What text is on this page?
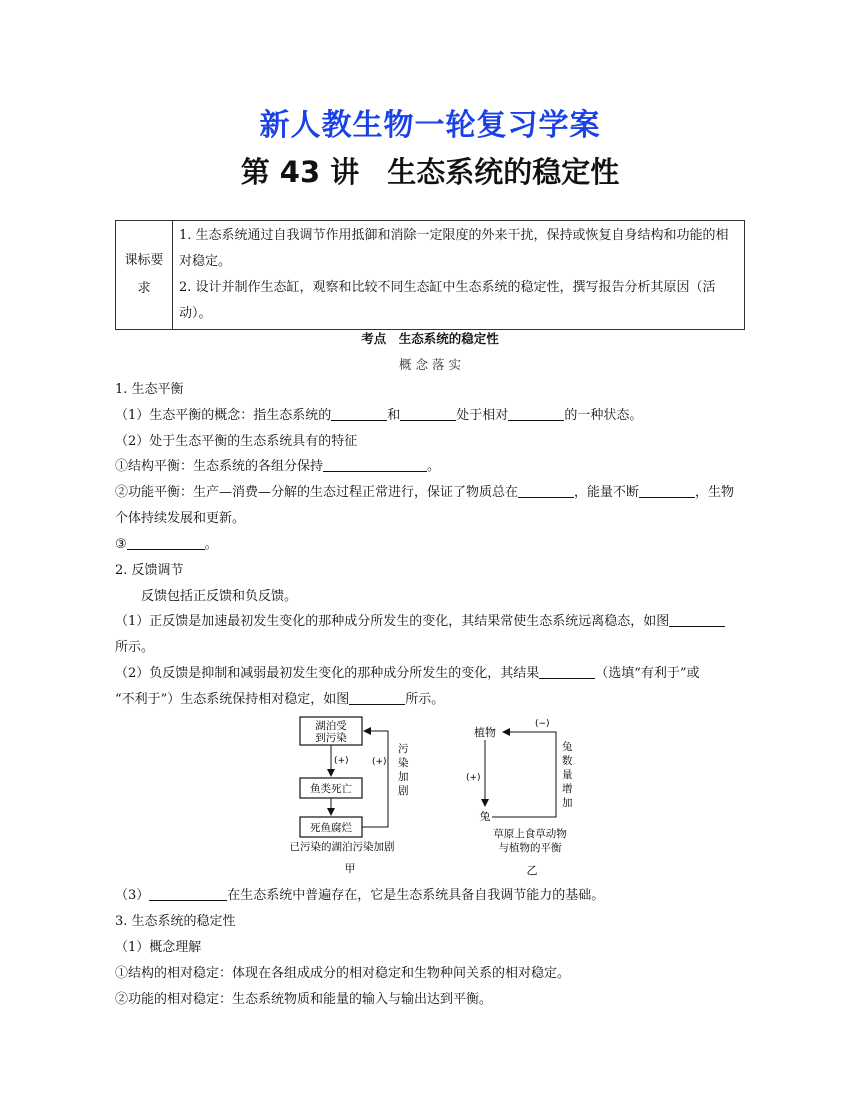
新人教生物一轮复习学案
第 43 讲 生态系统的稳定性
课标要求	
1. 生态系统通过自我调节作用抵御和消除一定限度的外来干扰，保持或恢复自身结构和功能的相对稳定。
2. 设计并制作生态缸，观察和比较不同生态缸中生态系统的稳定性，撰写报告分析其原因（活动）。
考点　生态系统的稳定性
概 念 落 实
1. 生态平衡
（1）生态平衡的概念：指生态系统的	和	处于相对	的一种状态。
（2）处于生态平衡的生态系统具有的特征
①结构平衡：生态系统的各组分保持	。
②功能平衡：生产—消费—分解的生态过程正常进行，保证了物质总在	，能量不断	，生物
个体持续发展和更新。
③	。
2. 反馈调节
反馈包括正反馈和负反馈。
（1）正反馈是加速最初发生变化的那种成分所发生的变化，其结果常使生态系统远离稳态，如图
所示。
（2）负反馈是抑制和减弱最初发生变化的那种成分所发生的变化，其结果	（选填“有利于”或
“不利于”）生态系统保持相对稳定，如图	所示。
湖泊受
到污染
(+)
鱼类死亡
死鱼腐烂
(+)
污
染
加
剧
已污染的湖泊污染加剧
甲
植物
兔
(+)
(−)
兔
数
量
增
加
草原上食草动物
与植物的平衡
乙
（3）	在生态系统中普遍存在，它是生态系统具备自我调节能力的基础。
3. 生态系统的稳定性
（1）概念理解
①结构的相对稳定：体现在各组成成分的相对稳定和生物种间关系的相对稳定。
②功能的相对稳定：生态系统物质和能量的输入与输出达到平衡。
